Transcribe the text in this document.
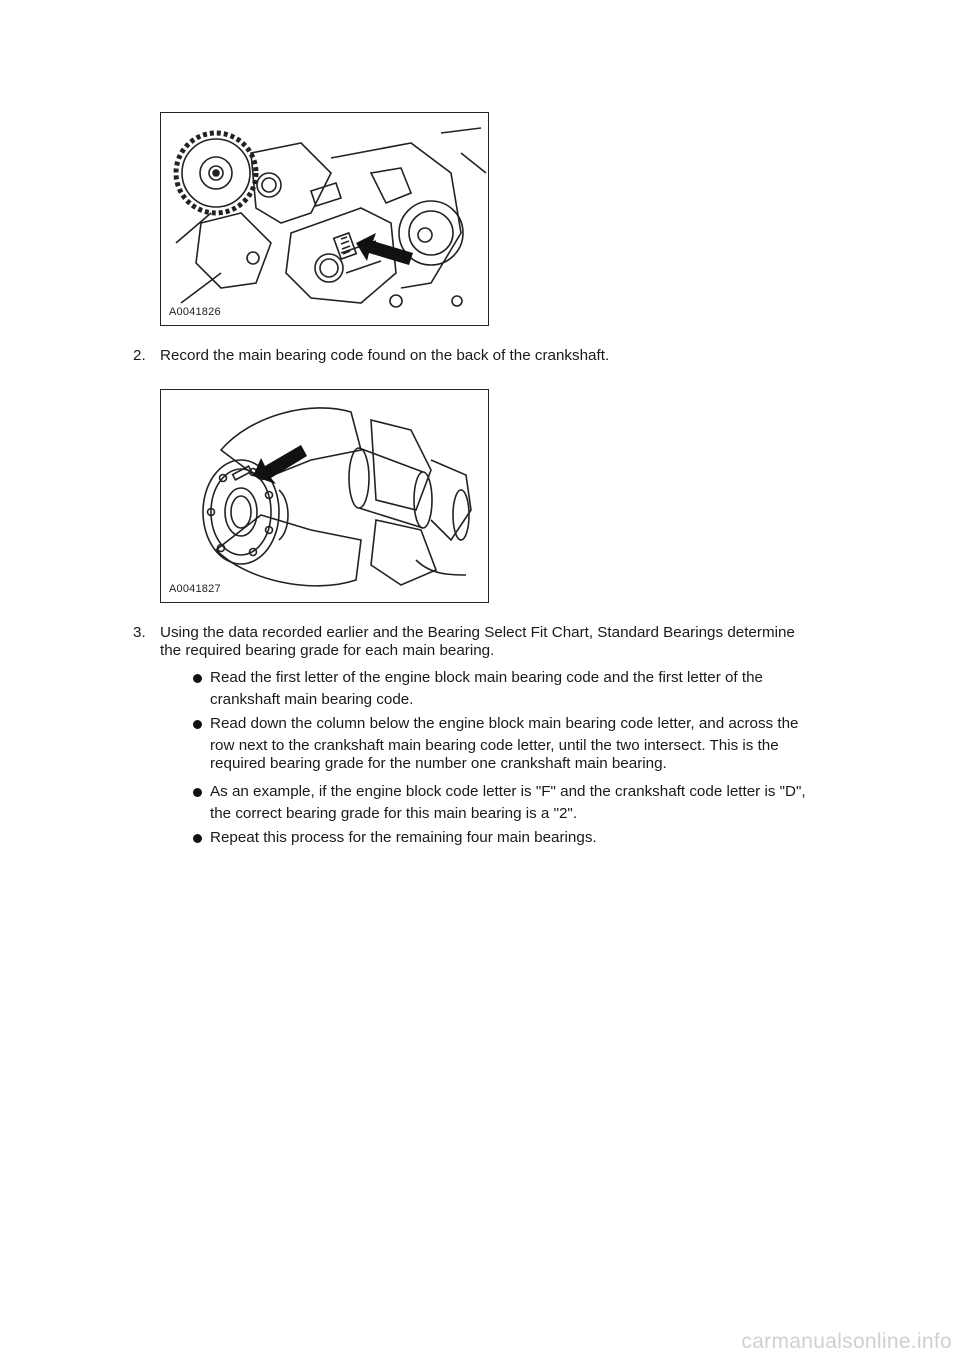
A0041826
2. Record the main bearing code found on the back of the crankshaft.
A0041827
3. Using the data recorded earlier and the Bearing Select Fit Chart, Standard Bearings determine
the required bearing grade for each main bearing.
Read the first letter of the engine block main bearing code and the first letter of the
crankshaft main bearing code.
Read down the column below the engine block main bearing code letter, and across the
row next to the crankshaft main bearing code letter, until the two intersect. This is the
required bearing grade for the number one crankshaft main bearing.
As an example, if the engine block code letter is "F" and the crankshaft code letter is "D",
the correct bearing grade for this main bearing is a "2".
Repeat this process for the remaining four main bearings.
carmanualsonline.info
